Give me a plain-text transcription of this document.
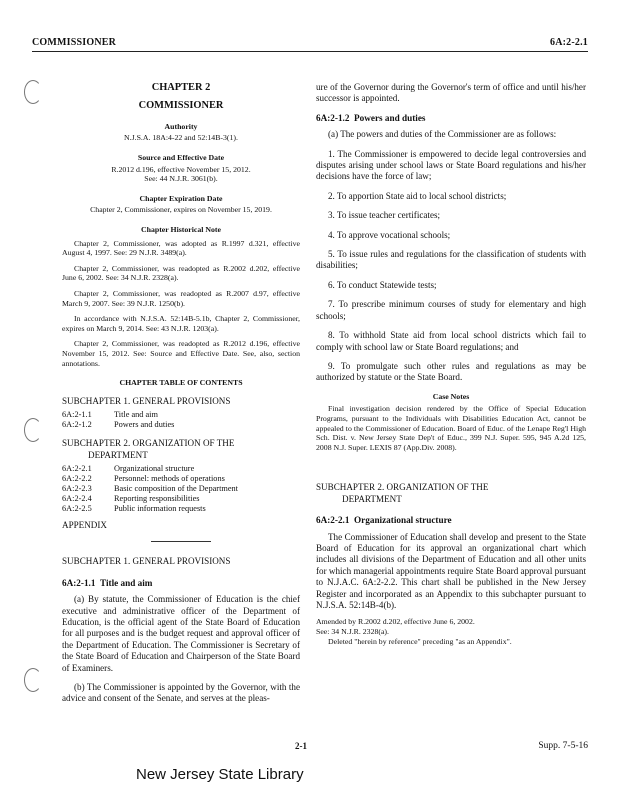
COMMISSIONER	6A:2-2.1
CHAPTER 2
COMMISSIONER
Authority
N.J.S.A. 18A:4-22 and 52:14B-3(1).
Source and Effective Date
R.2012 d.196, effective November 15, 2012.
See: 44 N.J.R. 3061(b).
Chapter Expiration Date
Chapter 2, Commissioner, expires on November 15, 2019.
Chapter Historical Note
Chapter 2, Commissioner, was adopted as R.1997 d.321, effective August 4, 1997. See: 29 N.J.R. 3489(a).
Chapter 2, Commissioner, was readopted as R.2002 d.202, effective June 6, 2002. See: 34 N.J.R. 2328(a).
Chapter 2, Commissioner, was readopted as R.2007 d.97, effective March 9, 2007. See: 39 N.J.R. 1250(b).
In accordance with N.J.S.A. 52:14B-5.1b, Chapter 2, Commissioner, expires on March 9, 2014. See: 43 N.J.R. 1203(a).
Chapter 2, Commissioner, was readopted as R.2012 d.196, effective November 15, 2012. See: Source and Effective Date. See, also, section annotations.
CHAPTER TABLE OF CONTENTS
SUBCHAPTER 1. GENERAL PROVISIONS
6A:2-1.1	Title and aim
6A:2-1.2	Powers and duties
SUBCHAPTER 2. ORGANIZATION OF THE
DEPARTMENT
6A:2-2.1	Organizational structure
6A:2-2.2	Personnel: methods of operations
6A:2-2.3	Basic composition of the Department
6A:2-2.4	Reporting responsibilities
6A:2-2.5	Public information requests
APPENDIX
SUBCHAPTER 1. GENERAL PROVISIONS
6A:2-1.1 Title and aim
(a) By statute, the Commissioner of Education is the chief executive and administrative officer of the Department of Education, is the official agent of the State Board of Education for all purposes and is the budget request and approval officer of the Department of Education. The Commissioner is Secretary of the State Board of Education and Chairperson of the State Board of Examiners.
(b) The Commissioner is appointed by the Governor, with the advice and consent of the Senate, and serves at the pleas-
ure of the Governor during the Governor's term of office and until his/her successor is appointed.
6A:2-1.2 Powers and duties
(a) The powers and duties of the Commissioner are as follows:
1. The Commissioner is empowered to decide legal controversies and disputes arising under school laws or State Board regulations and his/her decisions have the force of law;
2. To apportion State aid to local school districts;
3. To issue teacher certificates;
4. To approve vocational schools;
5. To issue rules and regulations for the classification of students with disabilities;
6. To conduct Statewide tests;
7. To prescribe minimum courses of study for elementary and high schools;
8. To withhold State aid from local school districts which fail to comply with school law or State Board regulations; and
9. To promulgate such other rules and regulations as may be authorized by statute or the State Board.
Case Notes
Final investigation decision rendered by the Office of Special Education Programs, pursuant to the Individuals with Disabilities Education Act, cannot be appealed to the Commissioner of Education. Board of Educ. of the Lenape Reg'l High Sch. Dist. v. New Jersey State Dep't of Educ., 399 N.J. Super. 595, 945 A.2d 125, 2008 N.J. Super. LEXIS 87 (App.Div. 2008).
SUBCHAPTER 2. ORGANIZATION OF THE
DEPARTMENT
6A:2-2.1 Organizational structure
The Commissioner of Education shall develop and present to the State Board of Education for its approval an organizational chart which includes all divisions of the Department of Education and all other units for which managerial appointments require State Board approval pursuant to N.J.A.C. 6A:2-2.2. This chart shall be published in the New Jersey Register and incorporated as an Appendix to this subchapter pursuant to N.J.S.A. 52:14B-4(b).
Amended by R.2002 d.202, effective June 6, 2002.
See: 34 N.J.R. 2328(a).
Deleted "herein by reference" preceding "as an Appendix".
2-1	Supp. 7-5-16
New Jersey State Library
